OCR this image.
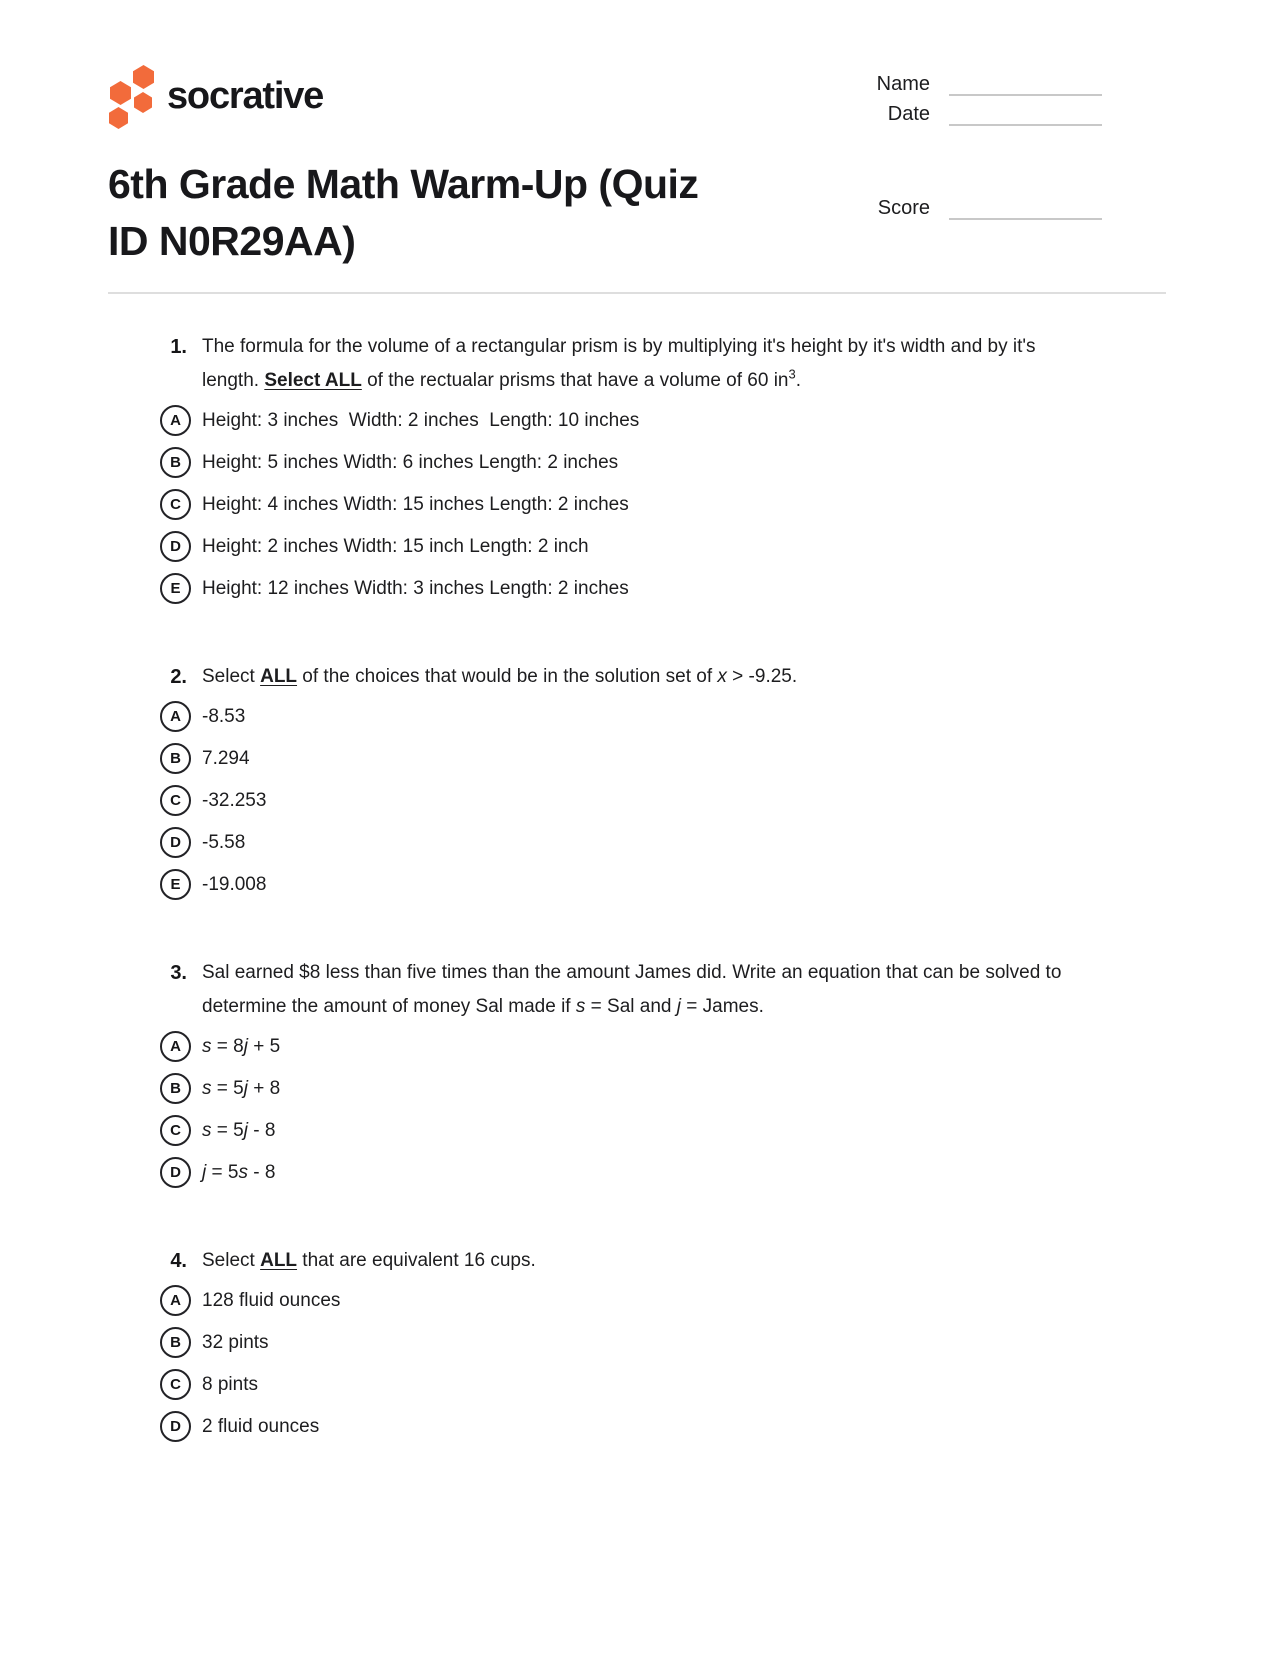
socrative	Name
Date
6th Grade Math Warm-Up (Quiz
ID N0R29AA)
Score
1. The formula for the volume of a rectangular prism is by multiplying it's height by it's width and by it's length. Select ALL of the rectualar prisms that have a volume of 60 $in^3$.
A	Height: 3 inches  Width: 2 inches  Length: 10 inches
B	Height: 5 inches Width: 6 inches Length: 2 inches
C	Height: 4 inches Width: 15 inches Length: 2 inches
D	Height: 2 inches Width: 15 inch Length: 2 inch
E	Height: 12 inches Width: 3 inches Length: 2 inches
2. Select ALL of the choices that would be in the solution set of x > -9.25.
A	-8.53
B	7.294
C	-32.253
D	-5.58
E	-19.008
3. Sal earned $8 less than five times than the amount James did. Write an equation that can be solved to determine the amount of money Sal made if s = Sal and j = James.
A	s = 8j + 5
B	s = 5j + 8
C	s = 5j - 8
D	j = 5s - 8
4. Select ALL that are equivalent 16 cups.
A	128 fluid ounces
B	32 pints
C	8 pints
D	2 fluid ounces
